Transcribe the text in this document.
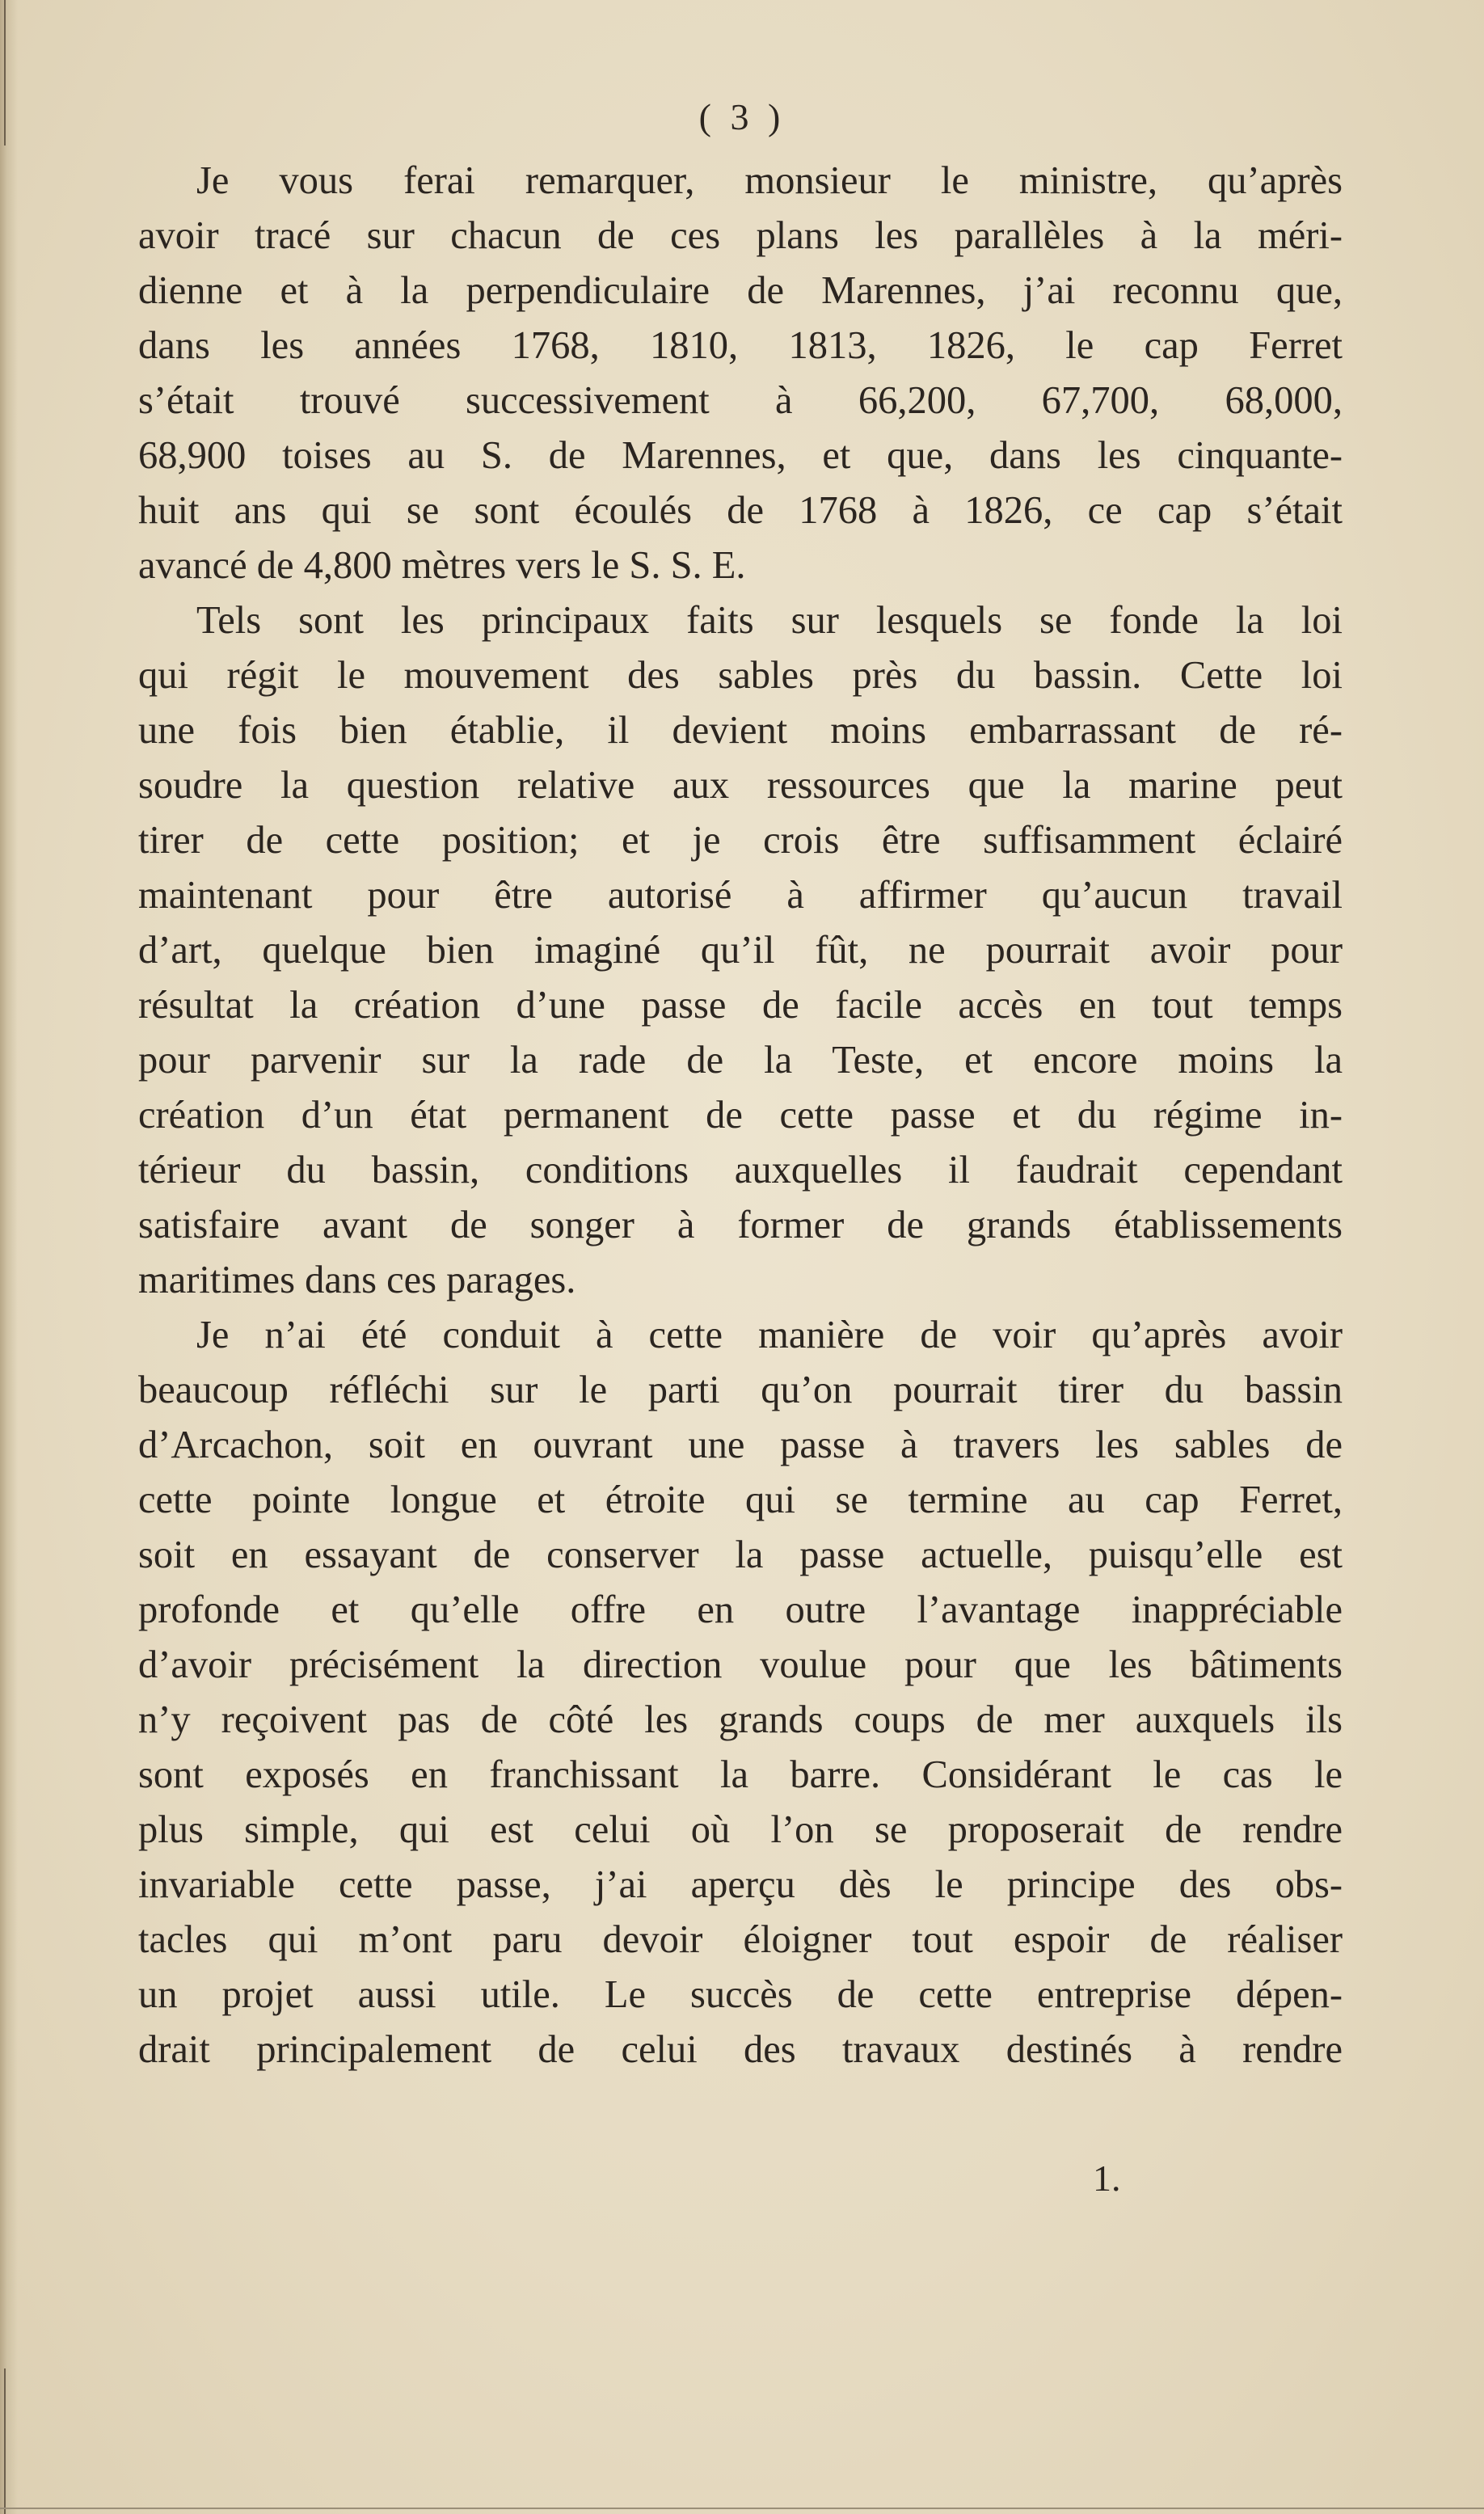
( 3 )
Je vous ferai remarquer, monsieur le ministre, qu’après
avoir tracé sur chacun de ces plans les parallèles à la méri-
dienne et à la perpendiculaire de Marennes, j’ai reconnu que,
dans les années 1768, 1810, 1813, 1826, le cap Ferret
s’était trouvé successivement à 66,200, 67,700, 68,000,
68,900 toises au S. de Marennes, et que, dans les cinquante-
huit ans qui se sont écoulés de 1768 à 1826, ce cap s’était
avancé de 4,800 mètres vers le S. S. E.
Tels sont les principaux faits sur lesquels se fonde la loi
qui régit le mouvement des sables près du bassin. Cette loi
une fois bien établie, il devient moins embarrassant de ré-
soudre la question relative aux ressources que la marine peut
tirer de cette position; et je crois être suffisamment éclairé
maintenant pour être autorisé à affirmer qu’aucun travail
d’art, quelque bien imaginé qu’il fût, ne pourrait avoir pour
résultat la création d’une passe de facile accès en tout temps
pour parvenir sur la rade de la Teste, et encore moins la
création d’un état permanent de cette passe et du régime in-
térieur du bassin, conditions auxquelles il faudrait cependant
satisfaire avant de songer à former de grands établissements
maritimes dans ces parages.
Je n’ai été conduit à cette manière de voir qu’après avoir
beaucoup réfléchi sur le parti qu’on pourrait tirer du bassin
d’Arcachon, soit en ouvrant une passe à travers les sables de
cette pointe longue et étroite qui se termine au cap Ferret,
soit en essayant de conserver la passe actuelle, puisqu’elle est
profonde et qu’elle offre en outre l’avantage inappréciable
d’avoir précisément la direction voulue pour que les bâtiments
n’y reçoivent pas de côté les grands coups de mer auxquels ils
sont exposés en franchissant la barre. Considérant le cas le
plus simple, qui est celui où l’on se proposerait de rendre
invariable cette passe, j’ai aperçu dès le principe des obs-
tacles qui m’ont paru devoir éloigner tout espoir de réaliser
un projet aussi utile. Le succès de cette entreprise dépen-
drait principalement de celui des travaux destinés à rendre
1.
